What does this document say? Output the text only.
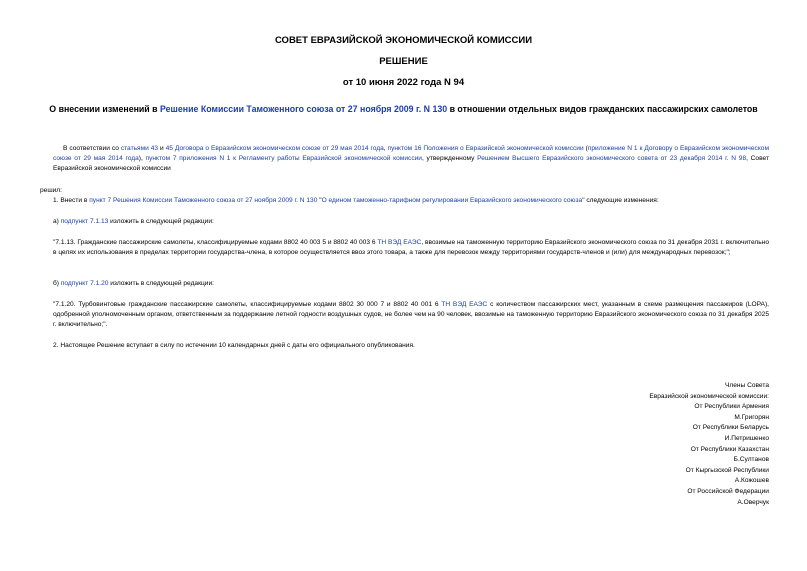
СОВЕТ ЕВРАЗИЙСКОЙ ЭКОНОМИЧЕСКОЙ КОМИССИИ
РЕШЕНИЕ
от 10 июня 2022 года N 94
О внесении изменений в Решение Комиссии Таможенного союза от 27 ноября 2009 г. N 130 в отношении отдельных видов гражданских пассажирских самолетов
В соответствии со статьями 43 и 45 Договора о Евразийском экономическом союзе от 29 мая 2014 года, пунктом 16 Положения о Евразийской экономической комиссии (приложение N 1 к Договору о Евразийском экономическом союзе от 29 мая 2014 года), пунктом 7 приложения N 1 к Регламенту работы Евразийской экономической комиссии, утвержденному Решением Высшего Евразийского экономического совета от 23 декабря 2014 г. N 98, Совет Евразийской экономической комиссии
решил:
1. Внести в пункт 7 Решения Комиссии Таможенного союза от 27 ноября 2009 г. N 130 "О едином таможенно-тарифном регулировании Евразийского экономического союза" следующие изменения:
а) подпункт 7.1.13 изложить в следующей редакции:
"7.1.13. Гражданские пассажирские самолеты, классифицируемые кодами 8802 40 003 5 и 8802 40 003 6 ТН ВЭД ЕАЭС, ввозимые на таможенную территорию Евразийского экономического союза по 31 декабря 2031 г. включительно в целях их использования в пределах территории государства-члена, в которое осуществляется ввоз этого товара, а также для перевозок между территориями государств-членов и (или) для международных перевозок;";
б) подпункт 7.1.20 изложить в следующей редакции:
"7.1.20. Турбовинтовые гражданские пассажирские самолеты, классифицируемые кодами 8802 30 000 7 и 8802 40 001 6 ТН ВЭД ЕАЭС с количеством пассажирских мест, указанным в схеме размещения пассажиров (LOPA), одобренной уполномоченным органом, ответственным за поддержание летной годности воздушных судов, не более чем на 90 человек, ввозимые на таможенную территорию Евразийского экономического союза по 31 декабря 2025 г. включительно;".
2. Настоящее Решение вступает в силу по истечении 10 календарных дней с даты его официального опубликования.
Члены Совета
Евразийской экономической комиссии:
От Республики Армения
М.Григорян
От Республики Беларусь
И.Петришенко
От Республики Казахстан
Б.Султанов
От Кыргызской Республики
А.Кожошев
От Российской Федерации
А.Оверчук
